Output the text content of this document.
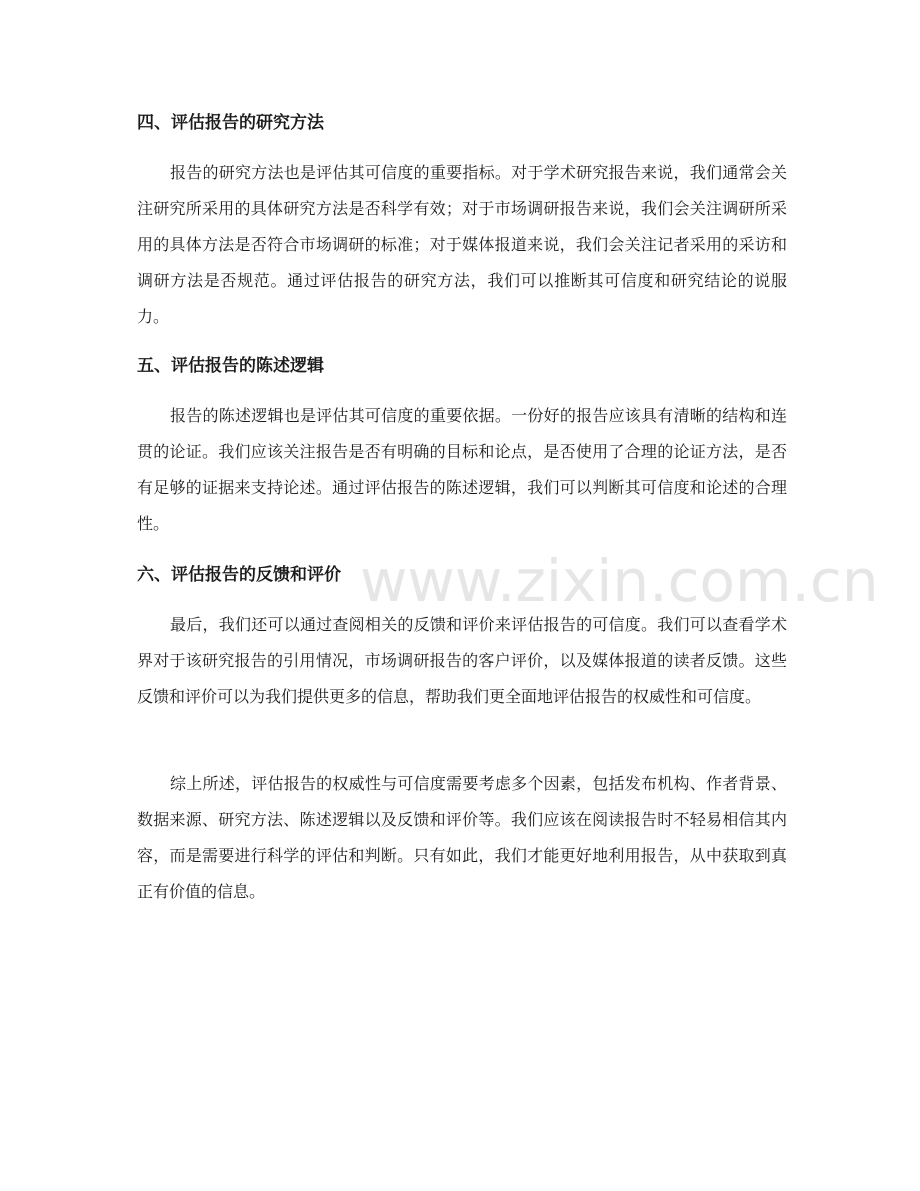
www.zixin.com.cn
四、评估报告的研究方法

报告的研究方法也是评估其可信度的重要指标。对于学术研究报告来说，我们通常会关注研究所采用的具体研究方法是否科学有效；对于市场调研报告来说，我们会关注调研所采用的具体方法是否符合市场调研的标准；对于媒体报道来说，我们会关注记者采用的采访和调研方法是否规范。通过评估报告的研究方法，我们可以推断其可信度和研究结论的说服力。

五、评估报告的陈述逻辑

报告的陈述逻辑也是评估其可信度的重要依据。一份好的报告应该具有清晰的结构和连贯的论证。我们应该关注报告是否有明确的目标和论点，是否使用了合理的论证方法，是否有足够的证据来支持论述。通过评估报告的陈述逻辑，我们可以判断其可信度和论述的合理性。

六、评估报告的反馈和评价

最后，我们还可以通过查阅相关的反馈和评价来评估报告的可信度。我们可以查看学术界对于该研究报告的引用情况，市场调研报告的客户评价，以及媒体报道的读者反馈。这些反馈和评价可以为我们提供更多的信息，帮助我们更全面地评估报告的权威性和可信度。

综上所述，评估报告的权威性与可信度需要考虑多个因素，包括发布机构、作者背景、数据来源、研究方法、陈述逻辑以及反馈和评价等。我们应该在阅读报告时不轻易相信其内容，而是需要进行科学的评估和判断。只有如此，我们才能更好地利用报告，从中获取到真正有价值的信息。
